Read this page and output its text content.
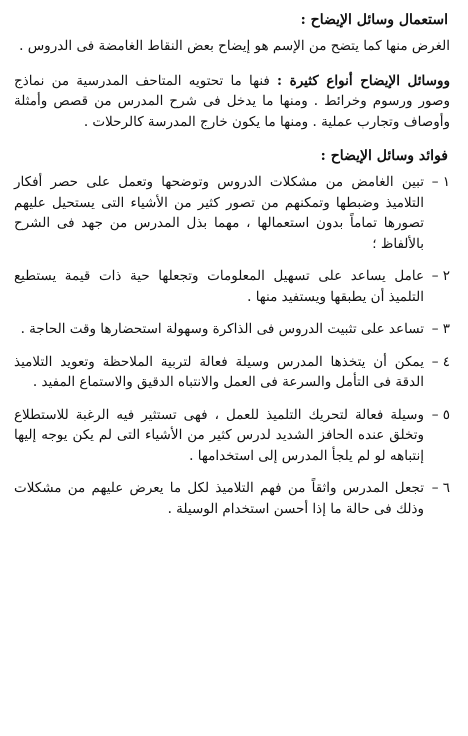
استعمال وسائل الإيضاح :

الغرض منها كما يتضح من الإسم هو إيضاح بعض النقاط الغامضة فى الدروس .

ووسائل الإيضاح أنواع كثيرة : فنها ما تحتويه المتاحف المدرسية من نماذج وصور ورسوم وخرائط . ومنها ما يدخل فى شرح المدرس من قصص وأمثلة وأوصاف وتجارب عملية . ومنها ما يكون خارج المدرسة كالرحلات .

فوائد وسائل الإيضاح :
١ –
تبين الغامض من مشكلات الدروس وتوضحها وتعمل على حصر أفكار التلاميذ وضبطها وتمكنهم من تصور كثير من الأشياء التى يستحيل عليهم تصورها تماماً بدون استعمالها ، مهما بذل المدرس من جهد فى الشرح بالألفاظ ؛
٢ –
عامل يساعد على تسهيل المعلومات وتجعلها حية ذات قيمة يستطيع التلميذ أن يطبقها ويستفيد منها .
٣ –
تساعد على تثبيت الدروس فى الذاكرة وسهولة استحضارها وقت الحاجة .
٤ –
يمكن أن يتخذها المدرس وسيلة فعالة لتربية الملاحظة وتعويد التلاميذ الدقة فى التأمل والسرعة فى العمل والانتباه الدقيق والاستماع المفيد .
٥ –
وسيلة فعالة لتحريك التلميذ للعمل ، فهى تستثير فيه الرغبة للاستطلاع وتخلق عنده الحافز الشديد لدرس كثير من الأشياء التى لم يكن يوجه إليها إنتباهه لو لم يلجأ المدرس إلى استخدامها .
٦ –
تجعل المدرس واثقاً من فهم التلاميذ لكل ما يعرض عليهم من مشكلات وذلك فى حالة ما إذا أحسن استخدام الوسيلة .
